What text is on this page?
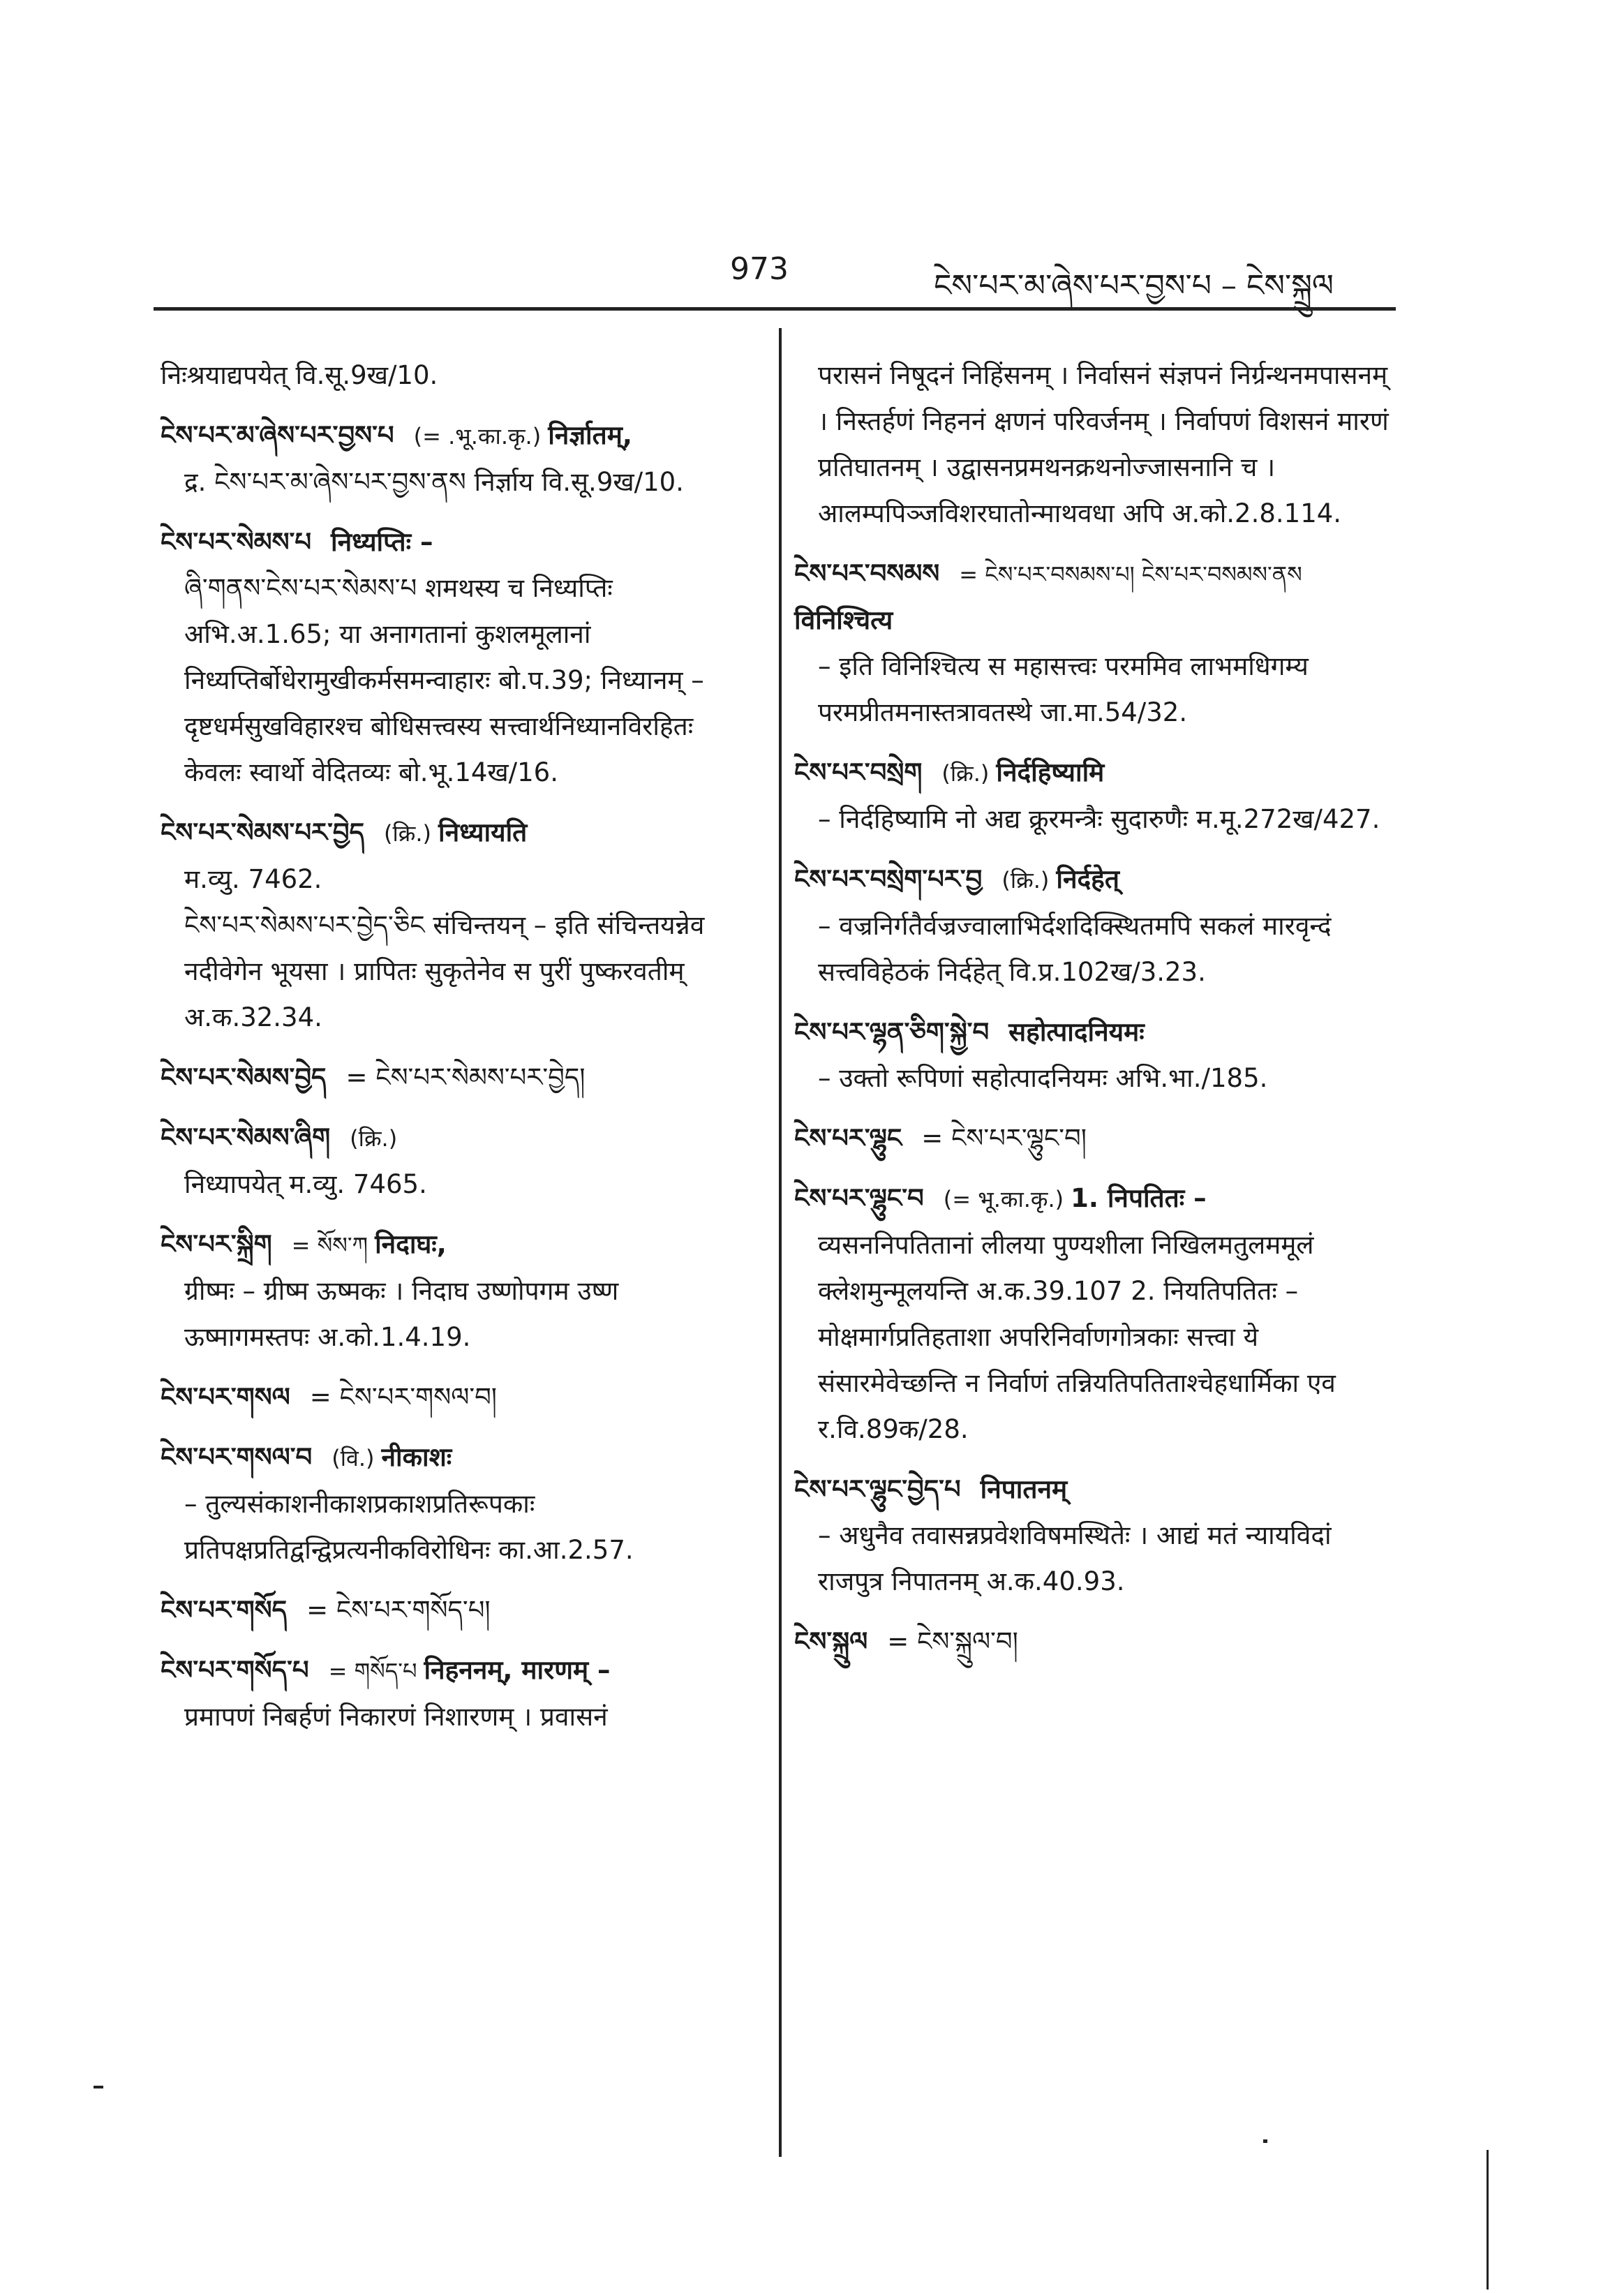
973	ངེས་པར་མ་ཞེས་པར་བྱས་པ – ངེས་སྐྲུལ

निःश्रयाद्यपयेत् वि.सू.9ख/10.

ངེས་པར་མ་ཞེས་པར་བྱས་པ (= .भू.का.कृ.) निर्ज्ञातम्,

द्र. ངེས་པར་མ་ཞེས་པར་བྱས་ནས निर्ज्ञाय वि.सू.9ख/10.

ངེས་པར་སེམས་པ निध्यप्तिः –

ཞི་གནས་ངེས་པར་སེམས་པ शमथस्य च निध्यप्तिः अभि.अ.1.65; या अनागतानां कुशलमूलानां निध्यप्तिर्बोधेरामुखीकर्मसमन्वाहारः बो.प.39; निध्यानम् – दृष्टधर्मसुखविहारश्च बोधिसत्त्वस्य सत्त्वार्थनिध्यानविरहितः केवलः स्वार्थो वेदितव्यः बो.भू.14ख/16.

ངེས་པར་སེམས་པར་བྱེད (क्रि.) निध्यायति

म.व्यु. 7462.

ངེས་པར་སེམས་པར་བྱེད་ཅིང संचिन्तयन् – इति संचिन्तयन्नेव नदीवेगेन भूयसा । प्रापितः सुकृतेनेव स पुरीं पुष्करवतीम् अ.क.32.34.

ངེས་པར་སེམས་བྱེད = ངེས་པར་སེམས་པར་བྱེད།

ངེས་པར་སེམས་ཞིག (क्रि.)

निध्यापयेत् म.व्यु. 7465.

ངེས་པར་སྐྲིག = སོས་ཀ निदाघः,

ग्रीष्मः – ग्रीष्म ऊष्मकः । निदाघ उष्णोपगम उष्ण ऊष्मागमस्तपः अ.को.1.4.19.

ངེས་པར་གསལ = ངེས་པར་གསལ་བ།

ངེས་པར་གསལ་བ (वि.) नीकाशः

– तुल्यसंकाशनीकाशप्रकाशप्रतिरूपकाः प्रतिपक्षप्रतिद्वन्द्विप्रत्यनीकविरोधिनः का.आ.2.57.

ངེས་པར་གསོད = ངེས་པར་གསོད་པ།

ངེས་པར་གསོད་པ = གསོད་པ निहननम्, मारणम् –

प्रमापणं निबर्हणं निकारणं निशारणम् । प्रवासनं

परासनं निषूदनं निहिंसनम् । निर्वासनं संज्ञपनं निर्ग्रन्थनमपासनम् । निस्तर्हणं निहननं क्षणनं परिवर्जनम् । निर्वापणं विशसनं मारणं प्रतिघातनम् । उद्वासनप्रमथनक्रथनोज्जासनानि च । आलम्पपिञ्जविशरघातोन्माथवधा अपि अ.को.2.8.114.

ངེས་པར་བསམས = ངེས་པར་བསམས་པ། ངེས་པར་བསམས་ནས विनिश्चित्य

– इति विनिश्चित्य स महासत्त्वः परममिव लाभमधिगम्य परमप्रीतमनास्तत्रावतस्थे जा.मा.54/32.

ངེས་པར་བསྲེག (क्रि.) निर्दहिष्यामि

– निर्दहिष्यामि नो अद्य क्रूरमन्त्रैः सुदारुणैः म.मू.272ख/427.

ངེས་པར་བསྲེག་པར་བྱ (क्रि.) निर्दहेत्

– वज्रनिर्गतैर्वज्रज्वालाभिर्दशदिक्स्थितमपि सकलं मारवृन्दं सत्त्वविहेठकं निर्दहेत् वि.प्र.102ख/3.23.

ངེས་པར་ལྷན་ཅིག་སྐྱེ་བ सहोत्पादनियमः

– उक्तो रूपिणां सहोत्पादनियमः अभि.भा./185.

ངེས་པར་ལྷུང = ངེས་པར་ལྷུང་བ།

ངེས་པར་ལྷུང་བ (= भू.का.कृ.) 1. निपतितः –

व्यसननिपतितानां लीलया पुण्यशीला निखिलमतुलममूलं क्लेशमुन्मूलयन्ति अ.क.39.107 2. नियतिपतितः – मोक्षमार्गप्रतिहताशा अपरिनिर्वाणगोत्रकाः सत्त्वा ये संसारमेवेच्छन्ति न निर्वाणं तन्नियतिपतिताश्चेहधार्मिका एव र.वि.89क/28.

ངེས་པར་ལྷུང་བྱེད་པ निपातनम्

– अधुनैव तवासन्नप्रवेशविषमस्थितेः । आद्यं मतं न्यायविदां राजपुत्र निपातनम् अ.क.40.93.

ངེས་སྐྲུལ = ངེས་སྐྲུལ་བ།
